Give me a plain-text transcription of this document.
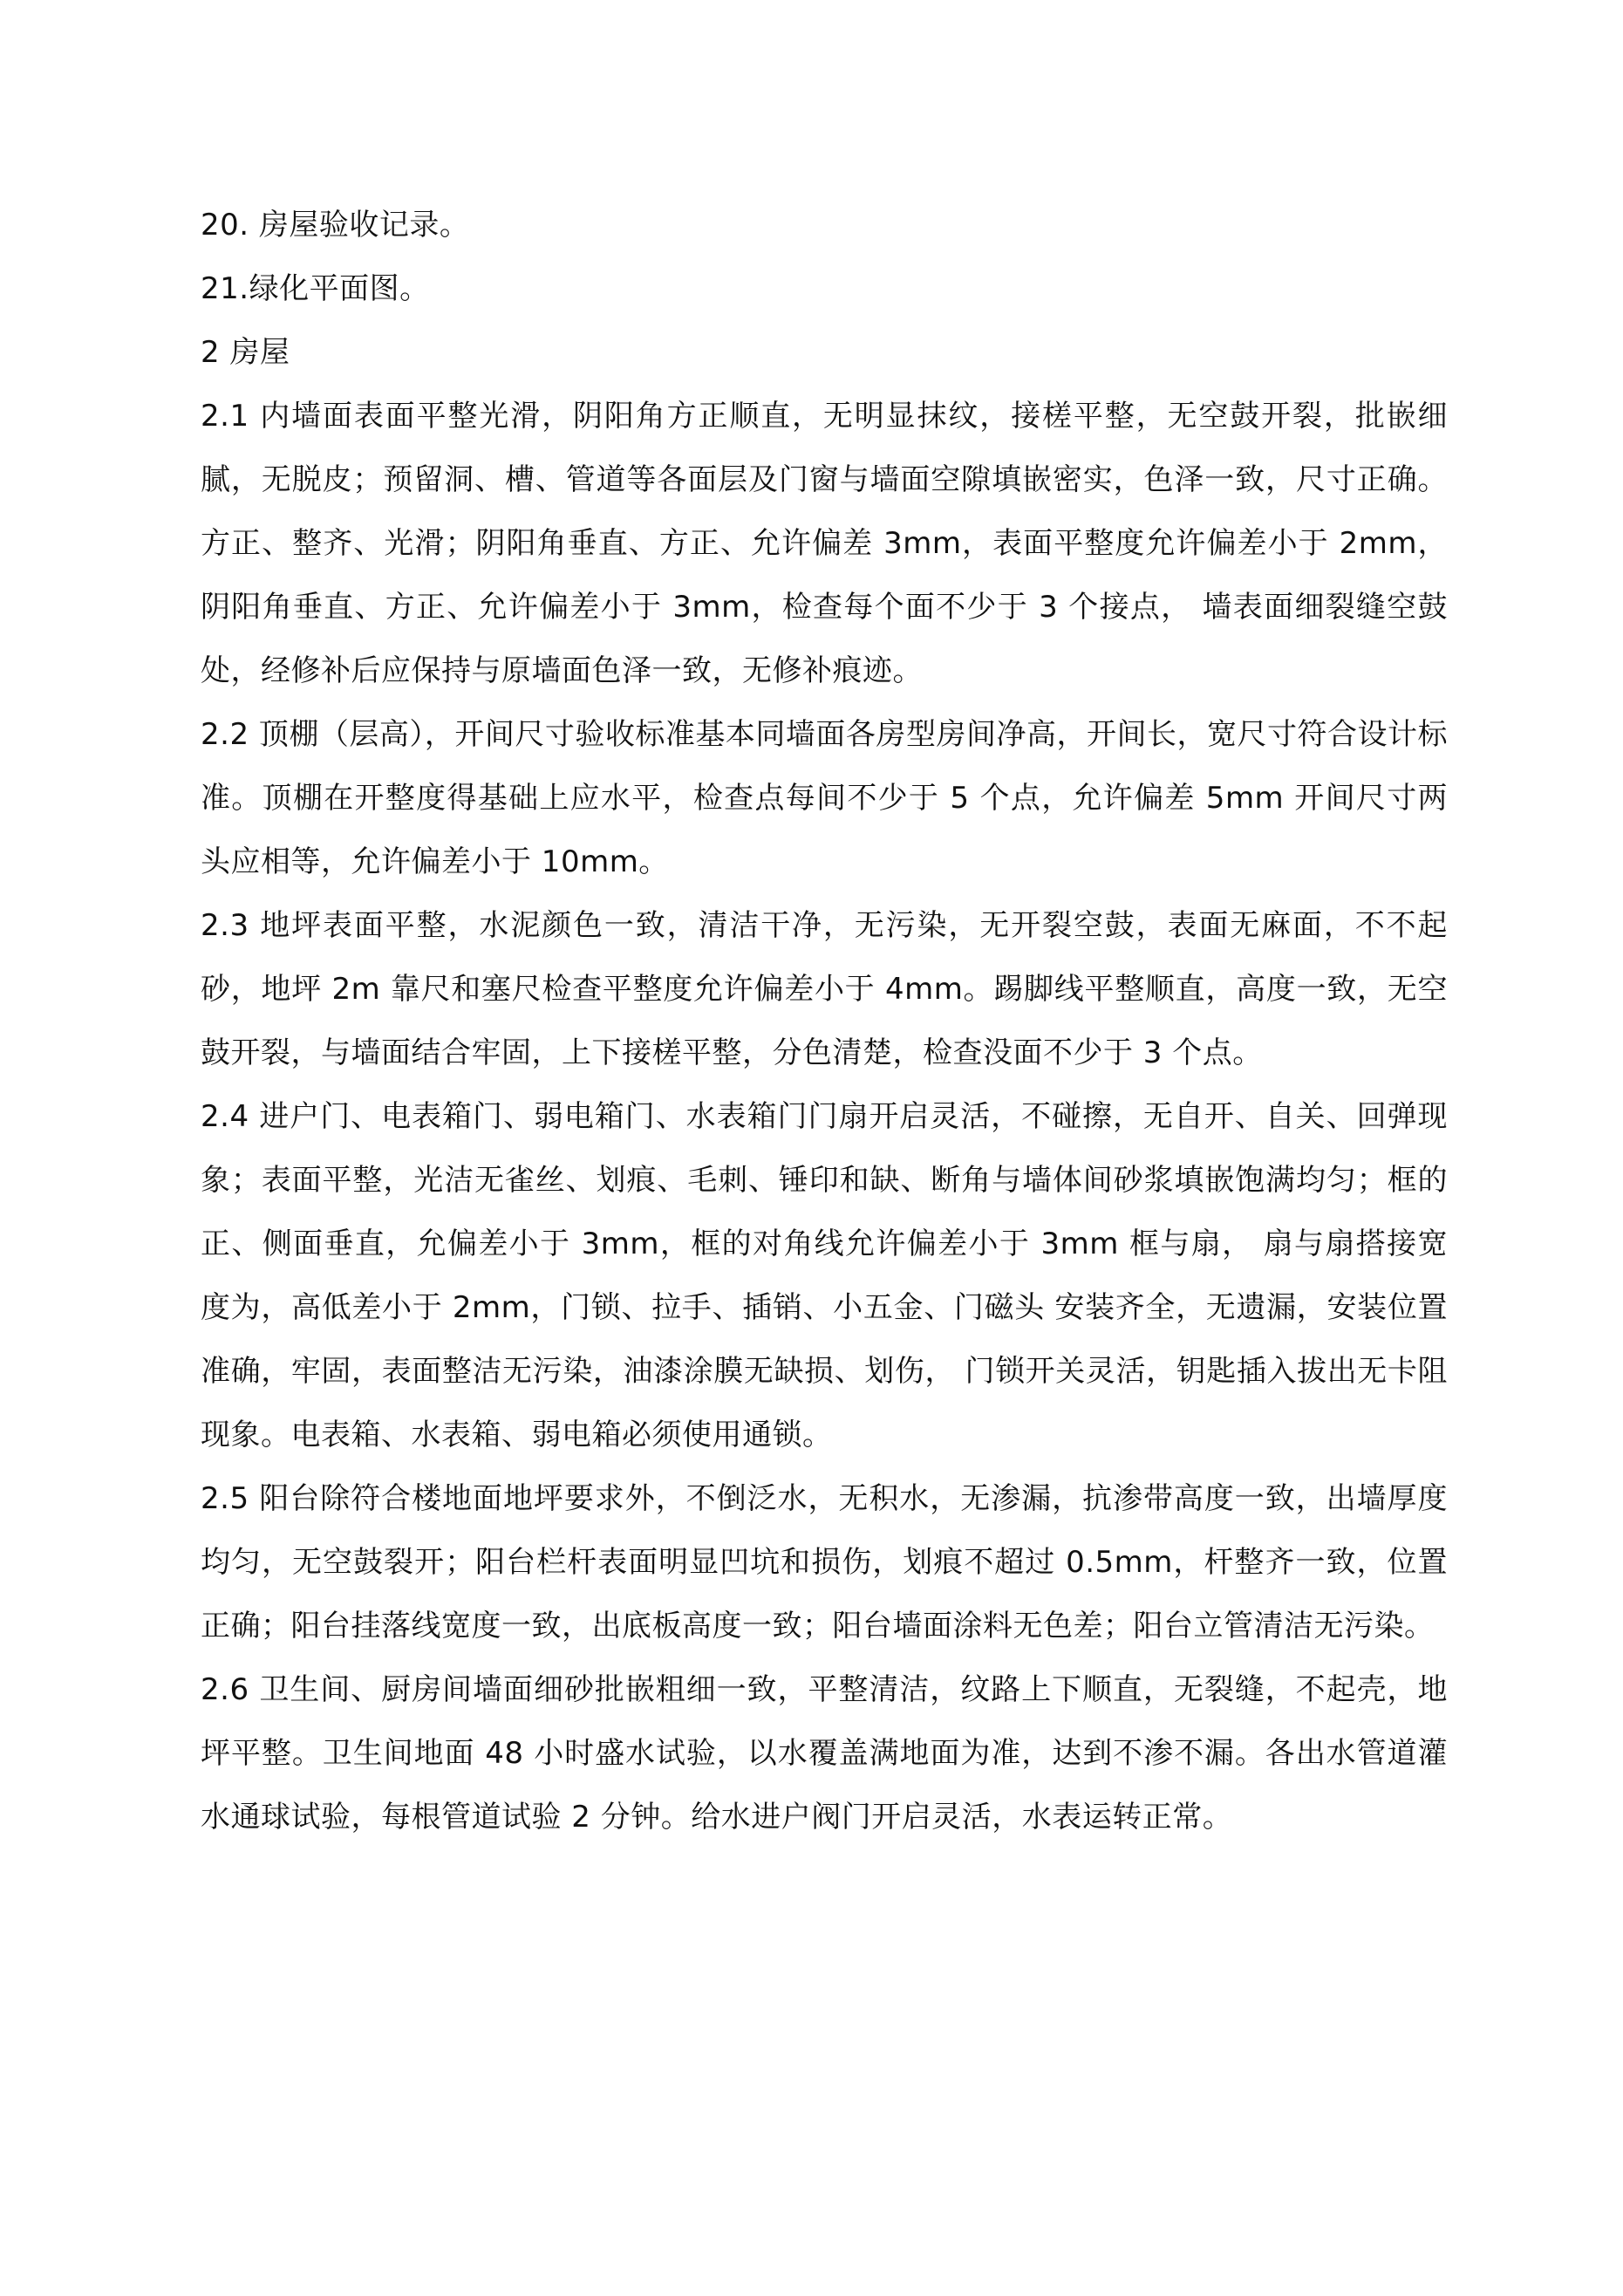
20. 房屋验收记录。

21.绿化平面图。

2 房屋

2.1 内墙面表面平整光滑，阴阳角方正顺直，无明显抹纹，接槎平整，无空鼓开裂，批嵌细腻，无脱皮；预留洞、槽、管道等各面层及门窗与墙面空隙填嵌密实，色泽一致，尺寸正确。方正、整齐、光滑；阴阳角垂直、方正、允许偏差 3mm，表面平整度允许偏差小于 2mm，阴阳角垂直、方正、允许偏差小于 3mm，检查每个面不少于 3 个接点， 墙表面细裂缝空鼓处，经修补后应保持与原墙面色泽一致，无修补痕迹。

2.2 顶棚（层高），开间尺寸验收标准基本同墙面各房型房间净高，开间长，宽尺寸符合设计标准。顶棚在开整度得基础上应水平，检查点每间不少于 5 个点，允许偏差 5mm 开间尺寸两头应相等，允许偏差小于 10mm。

2.3 地坪表面平整，水泥颜色一致，清洁干净，无污染，无开裂空鼓，表面无麻面，不不起砂，地坪 2m 靠尺和塞尺检查平整度允许偏差小于 4mm。踢脚线平整顺直，高度一致，无空鼓开裂，与墙面结合牢固，上下接槎平整，分色清楚，检查没面不少于 3 个点。

2.4 进户门、电表箱门、弱电箱门、水表箱门门扇开启灵活，不碰擦，无自开、自关、回弹现象；表面平整，光洁无雀丝、划痕、毛刺、锤印和缺、断角与墙体间砂浆填嵌饱满均匀；框的正、侧面垂直，允偏差小于 3mm，框的对角线允许偏差小于 3mm 框与扇， 扇与扇搭接宽度为，高低差小于 2mm，门锁、拉手、插销、小五金、门磁头 安装齐全，无遗漏，安装位置准确，牢固，表面整洁无污染，油漆涂膜无缺损、划伤， 门锁开关灵活，钥匙插入拔出无卡阻现象。电表箱、水表箱、弱电箱必须使用通锁。

2.5 阳台除符合楼地面地坪要求外，不倒泛水，无积水，无渗漏，抗渗带高度一致，出墙厚度均匀，无空鼓裂开；阳台栏杆表面明显凹坑和损伤，划痕不超过 0.5mm，杆整齐一致，位置正确；阳台挂落线宽度一致，出底板高度一致；阳台墙面涂料无色差；阳台立管清洁无污染。

2.6 卫生间、厨房间墙面细砂批嵌粗细一致，平整清洁，纹路上下顺直，无裂缝，不起壳，地坪平整。卫生间地面 48 小时盛水试验，以水覆盖满地面为准，达到不渗不漏。各出水管道灌水通球试验，每根管道试验 2 分钟。给水进户阀门开启灵活，水表运转正常。
